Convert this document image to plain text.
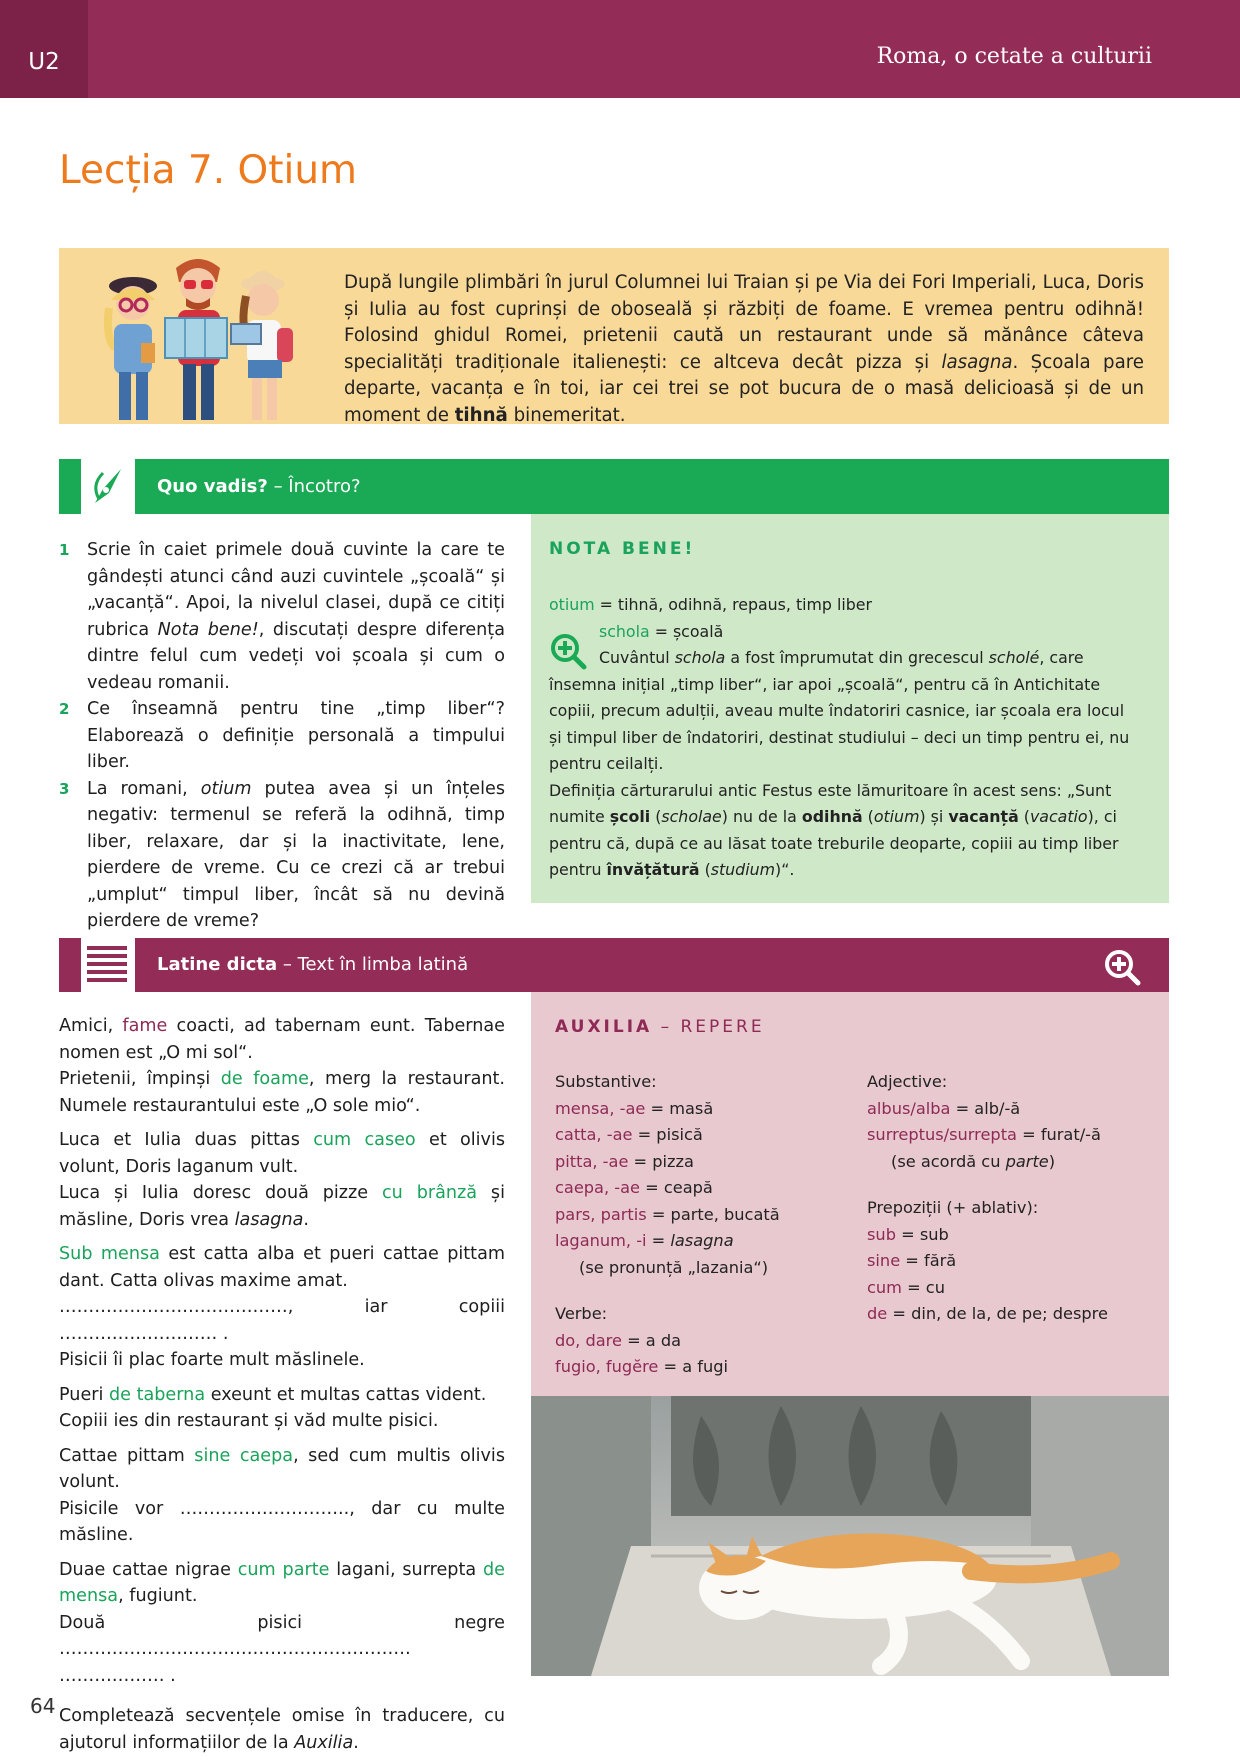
U2	Roma, o cetate a culturii
Lecția 7. Otium
După lungile plimbări în jurul Columnei lui Traian și pe Via dei Fori Imperiali, Luca, Doris și Iulia au fost cuprinși de oboseală și răzbiți de foame. E vremea pentru odihnă! Folosind ghidul Romei, prietenii caută un restaurant unde să mănânce câteva specialități tradiționale italienești: ce altceva decât pizza și lasagna. Școala pare departe, vacanța e în toi, iar cei trei se pot bucura de o masă delicioasă și de un moment de tihnă binemeritat.
Quo vadis? – Încotro?
1 Scrie în caiet primele două cuvinte la care te gândești atunci când auzi cuvintele „școală“ și „vacanță“. Apoi, la nivelul clasei, după ce citiți rubrica Nota bene!, discutați despre diferența dintre felul cum vedeți voi școala și cum o vedeau romanii.
2 Ce înseamnă pentru tine „timp liber“? Elaborează o definiție personală a timpului liber.
3 La romani, otium putea avea și un înțeles negativ: termenul se referă la odihnă, timp liber, relaxare, dar și la inactivitate, lene, pierdere de vreme. Cu ce crezi că ar trebui „umplut“ timpul liber, încât să nu devină pierdere de vreme?
NOTA BENE!
otium = tihnă, odihnă, repaus, timp liber
schola = școală
Cuvântul schola a fost împrumutat din grecescul scholé, care însemna inițial „timp liber“, iar apoi „școală“, pentru că în Antichitate copiii, precum adulții, aveau multe îndatoriri casnice, iar școala era locul și timpul liber de îndatoriri, destinat studiului – deci un timp pentru ei, nu pentru ceilalți.
Definiția cărturarului antic Festus este lămuritoare în acest sens: „Sunt numite școli (scholae) nu de la odihnă (otium) și vacanță (vacatio), ci pentru că, după ce au lăsat toate treburile deoparte, copiii au timp liber pentru învățătură (studium)“.
Latine dicta – Text în limba latină

Amici, fame coacti, ad tabernam eunt. Tabernae nomen est „O mi sol“.
Prietenii, împinși de foame, merg la restaurant. Numele restaurantului este „O sole mio“.

Luca et Iulia duas pittas cum caseo et olivis volunt, Doris laganum vult.
Luca și Iulia doresc două pizze cu brânză și măsline, Doris vrea lasagna.

Sub mensa est catta alba et pueri cattae pittam dant. Catta olivas maxime amat.
…………………………………, iar copiii ……………………… .
Pisicii îi plac foarte mult măslinele.

Pueri de taberna exeunt et multas cattas vident.
Copiii ies din restaurant și văd multe pisici.

Cattae pittam sine caepa, sed cum multis olivis volunt.
Pisicile vor ……………………….., dar cu multe măsline.

Duae cattae nigrae cum parte lagani, surrepta de mensa, fugiunt.
Două pisici negre …………………………………………………… ……………… .

Completează secvențele omise în traducere, cu ajutorul informațiilor de la Auxilia.

AUXILIA – REPERE
Substantive:
mensa, -ae = masă
catta, -ae = pisică
pitta, -ae = pizza
caepa, -ae = ceapă
pars, partis = parte, bucată
laganum, -i = lasagna
(se pronunță „lazania“)
Verbe:
do, dare = a da
fugio, fugĕre = a fugi
Adjective:
albus/alba = alb/-ă
surreptus/surrepta = furat/-ă
(se acordă cu parte)
Prepoziții (+ ablativ):
sub = sub
sine = fără
cum = cu
de = din, de la, de pe; despre
64
